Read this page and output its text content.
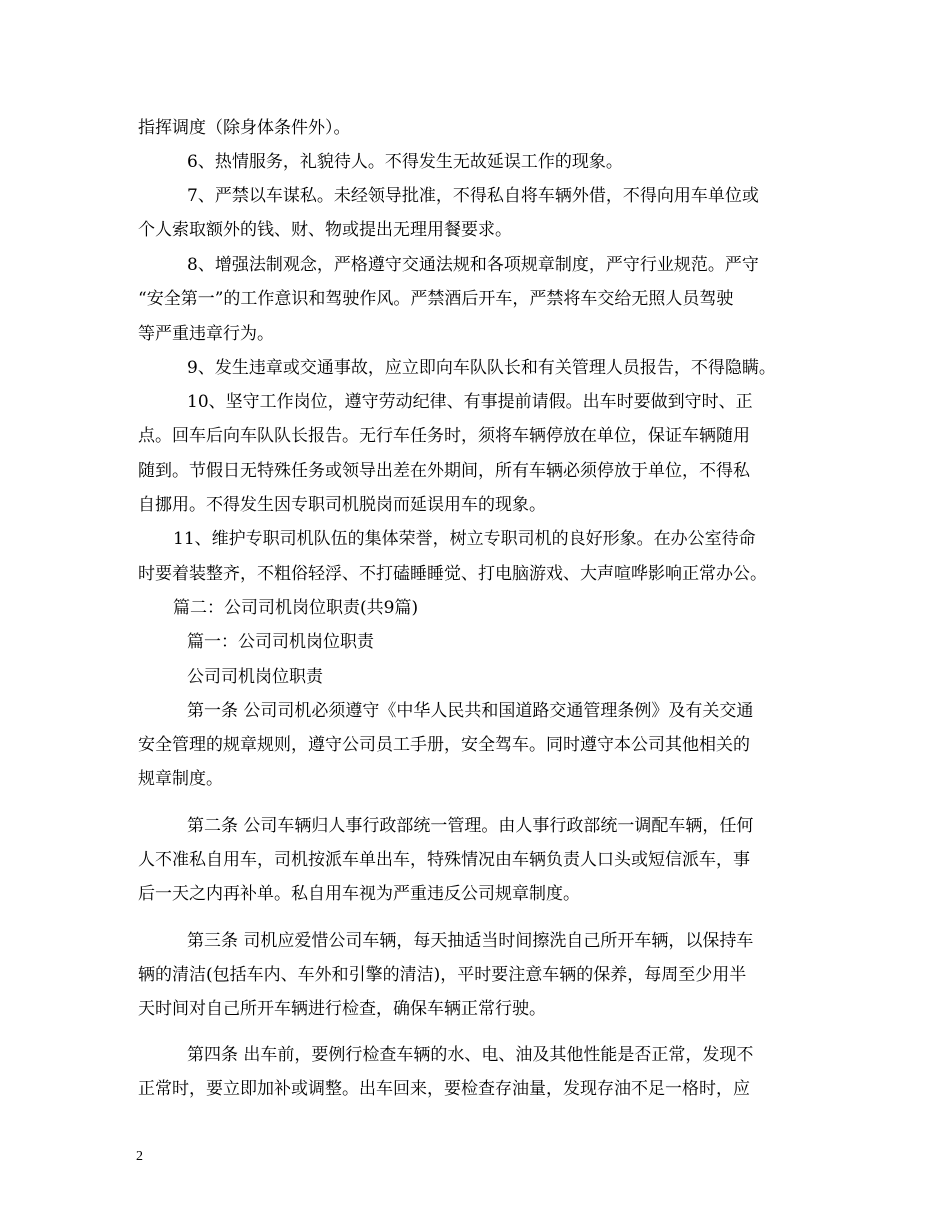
指挥调度（除身体条件外）。
6、热情服务，礼貌待人。不得发生无故延误工作的现象。
7、严禁以车谋私。未经领导批准，不得私自将车辆外借，不得向用车单位或
个人索取额外的钱、财、物或提出无理用餐要求。
8、增强法制观念，严格遵守交通法规和各项规章制度，严守行业规范。严守
“安全第一”的工作意识和驾驶作风。严禁酒后开车，严禁将车交给无照人员驾驶
等严重违章行为。
9、发生违章或交通事故，应立即向车队队长和有关管理人员报告，不得隐瞒。
10、坚守工作岗位，遵守劳动纪律、有事提前请假。出车时要做到守时、正
点。回车后向车队队长报告。无行车任务时，须将车辆停放在单位，保证车辆随用
随到。节假日无特殊任务或领导出差在外期间，所有车辆必须停放于单位，不得私
自挪用。不得发生因专职司机脱岗而延误用车的现象。
11、维护专职司机队伍的集体荣誉，树立专职司机的良好形象。在办公室待命
时要着装整齐，不粗俗轻浮、不打磕睡睡觉、打电脑游戏、大声喧哗影响正常办公。
篇二：公司司机岗位职责(共9篇)
篇一：公司司机岗位职责
公司司机岗位职责
第一条 公司司机必须遵守《中华人民共和国道路交通管理条例》及有关交通
安全管理的规章规则，遵守公司员工手册，安全驾车。同时遵守本公司其他相关的
规章制度。
第二条 公司车辆归人事行政部统一管理。由人事行政部统一调配车辆，任何
人不准私自用车，司机按派车单出车，特殊情况由车辆负责人口头或短信派车，事
后一天之内再补单。私自用车视为严重违反公司规章制度。
第三条 司机应爱惜公司车辆，每天抽适当时间擦洗自己所开车辆，以保持车
辆的清洁(包括车内、车外和引擎的清洁)，平时要注意车辆的保养，每周至少用半
天时间对自己所开车辆进行检查，确保车辆正常行驶。
第四条 出车前，要例行检查车辆的水、电、油及其他性能是否正常，发现不
正常时，要立即加补或调整。出车回来，要检查存油量，发现存油不足一格时，应
2
